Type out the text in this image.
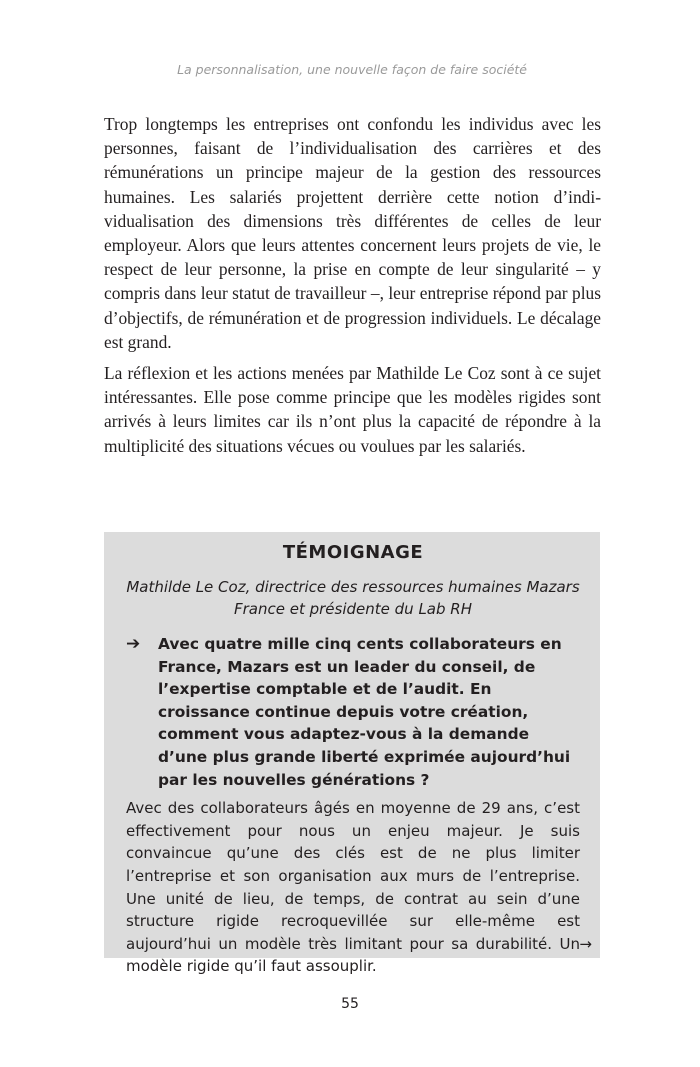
La personnalisation, une nouvelle façon de faire société

Trop longtemps les entreprises ont confondu les individus avec les personnes, faisant de l’individualisation des carrières et des rémunérations un principe majeur de la gestion des ressources humaines. Les salariés projettent derrière cette notion d’individualisation des dimensions très différentes de celles de leur employeur. Alors que leurs attentes concernent leurs projets de vie, le respect de leur personne, la prise en compte de leur singularité – y compris dans leur statut de travailleur –, leur entreprise répond par plus d’objectifs, de rémunération et de progression individuels. Le décalage est grand.

La réflexion et les actions menées par Mathilde Le Coz sont à ce sujet intéressantes. Elle pose comme principe que les modèles rigides sont arrivés à leurs limites car ils n’ont plus la capacité de répondre à la multiplicité des situations vécues ou voulues par les salariés.

TÉMOIGNAGE
Mathilde Le Coz, directrice des ressources humaines Mazars
France et présidente du Lab RH
➔	Avec quatre mille cinq cents collaborateurs en France, Mazars est un leader du conseil, de l’expertise comptable et de l’audit. En croissance continue depuis votre création, comment vous adaptez-vous à la demande d’une plus grande liberté exprimée aujourd’hui par les nouvelles générations ?

Avec des collaborateurs âgés en moyenne de 29 ans, c’est effectivement pour nous un enjeu majeur. Je suis convaincue qu’une des clés est de ne plus limiter l’entreprise et son organisation aux murs de l’entreprise. Une unité de lieu, de temps, de contrat au sein d’une structure rigide recroquevillée sur elle-même est aujourd’hui un modèle très limitant pour sa durabilité. Un modèle rigide qu’il faut assouplir.

→
55
